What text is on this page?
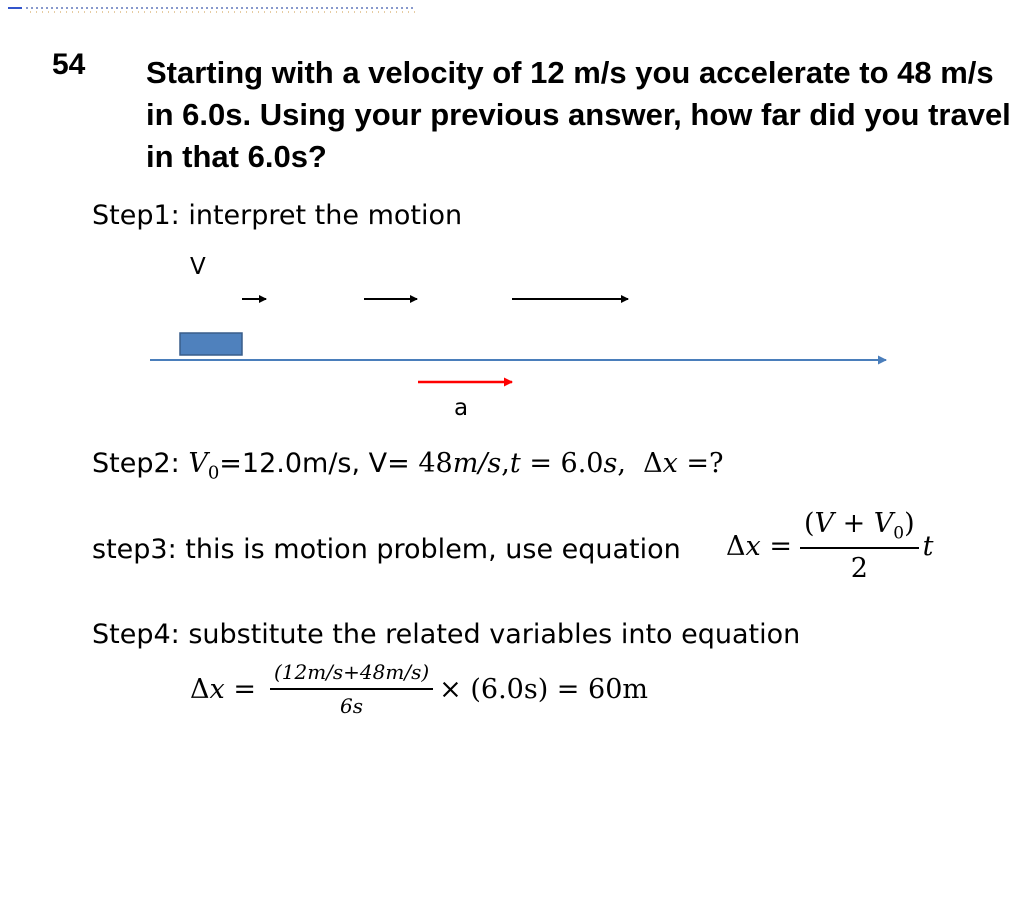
54 Starting with a velocity of 12 m/s you accelerate to 48 m/s in 6.0s. Using your previous answer, how far did you travel in that 6.0s?
Step1: interpret the motion
V
a
Step2: $V_0=12.0m/s$, V= 48m/s,t = 6.0s,  Δx =?
step3: this is motion problem, use equation Δ $x = \frac{(V + V_0)}{2}$ t
Step4: substitute the related variables into equation
Δ $x = \frac{(12m/s+48m/s)}{6s} \times (6.0s) = 60m$
